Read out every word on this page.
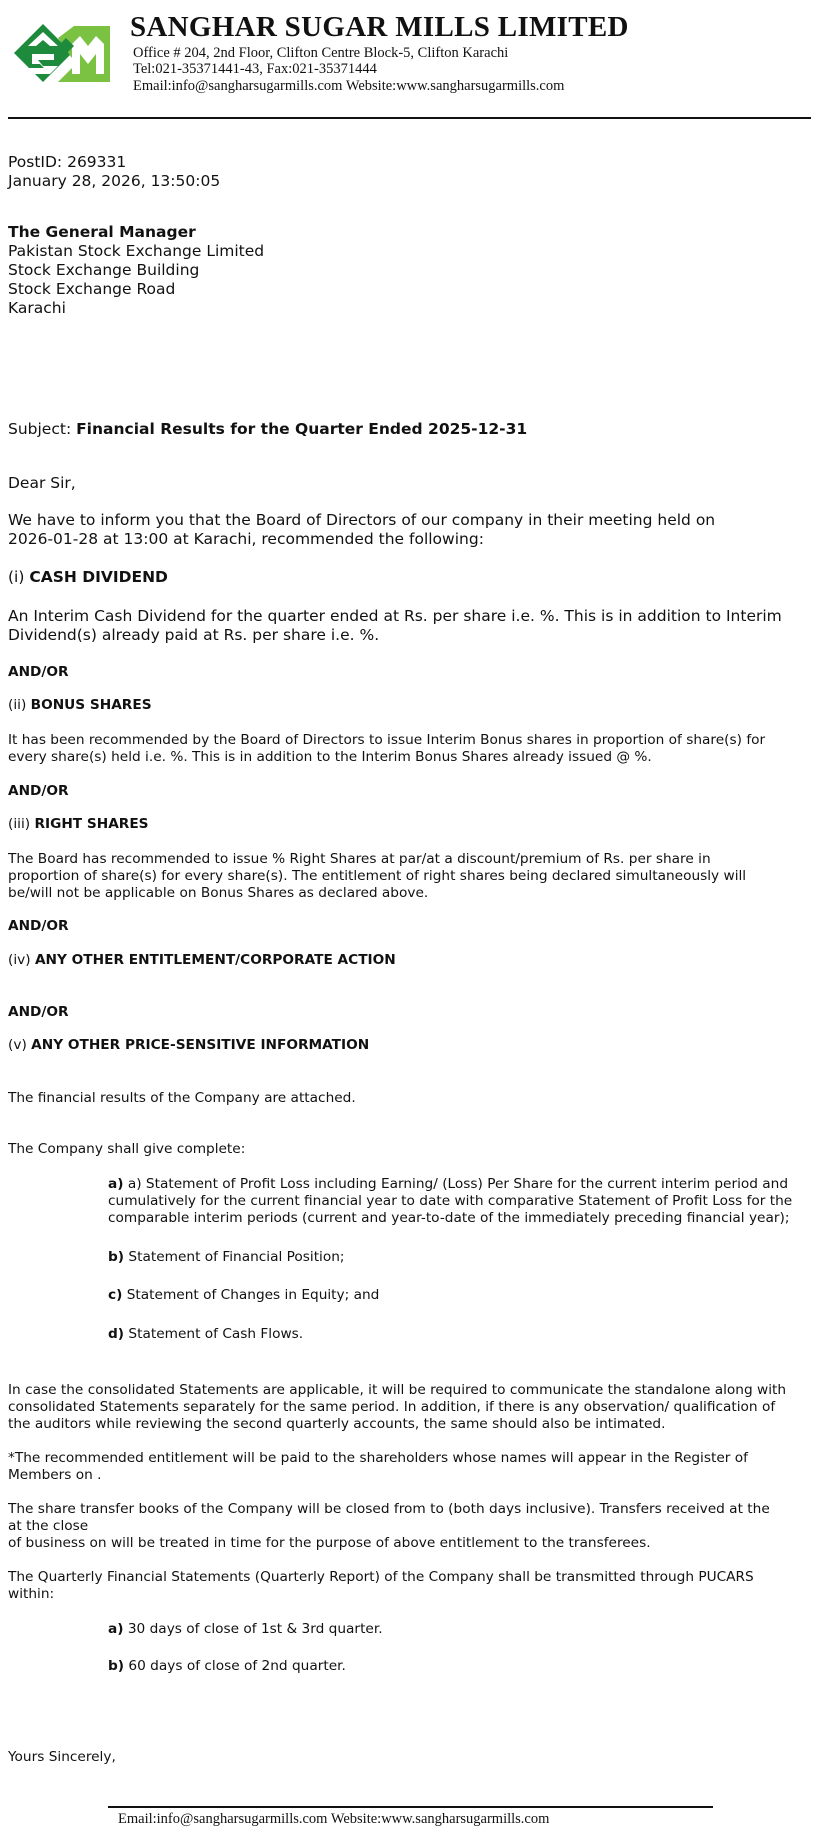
SANGHAR SUGAR MILLS LIMITED
Office # 204, 2nd Floor, Clifton Centre Block-5, Clifton Karachi
Tel:021-35371441-43, Fax:021-35371444
Email:info@sangharsugarmills.com Website:www.sangharsugarmills.com
PostID: 269331
January 28, 2026, 13:50:05
The General Manager
Pakistan Stock Exchange Limited
Stock Exchange Building
Stock Exchange Road
Karachi
Subject: Financial Results for the Quarter Ended 2025-12-31
Dear Sir,
We have to inform you that the Board of Directors of our company in their meeting held on
2026-01-28 at 13:00 at Karachi, recommended the following:
(i) CASH DIVIDEND
An Interim Cash Dividend for the quarter ended at Rs. per share i.e. %. This is in addition to Interim
Dividend(s) already paid at Rs. per share i.e. %.
AND/OR
(ii) BONUS SHARES
It has been recommended by the Board of Directors to issue Interim Bonus shares in proportion of share(s) for
every share(s) held i.e. %. This is in addition to the Interim Bonus Shares already issued @ %.
AND/OR
(iii) RIGHT SHARES
The Board has recommended to issue % Right Shares at par/at a discount/premium of Rs. per share in
proportion of share(s) for every share(s). The entitlement of right shares being declared simultaneously will
be/will not be applicable on Bonus Shares as declared above.
AND/OR
(iv) ANY OTHER ENTITLEMENT/CORPORATE ACTION
AND/OR
(v) ANY OTHER PRICE-SENSITIVE INFORMATION
The financial results of the Company are attached.
The Company shall give complete:
a) a) Statement of Profit Loss including Earning/ (Loss) Per Share for the current interim period and
cumulatively for the current financial year to date with comparative Statement of Profit Loss for the
comparable interim periods (current and year-to-date of the immediately preceding financial year);
b) Statement of Financial Position;
c) Statement of Changes in Equity; and
d) Statement of Cash Flows.
In case the consolidated Statements are applicable, it will be required to communicate the standalone along with
consolidated Statements separately for the same period. In addition, if there is any observation/ qualification of
the auditors while reviewing the second quarterly accounts, the same should also be intimated.
*The recommended entitlement will be paid to the shareholders whose names will appear in the Register of
Members on .
The share transfer books of the Company will be closed from to (both days inclusive). Transfers received at the
at the close
of business on will be treated in time for the purpose of above entitlement to the transferees.
The Quarterly Financial Statements (Quarterly Report) of the Company shall be transmitted through PUCARS
within:
a) 30 days of close of 1st & 3rd quarter.
b) 60 days of close of 2nd quarter.
Yours Sincerely,
Email:info@sangharsugarmills.com Website:www.sangharsugarmills.com
